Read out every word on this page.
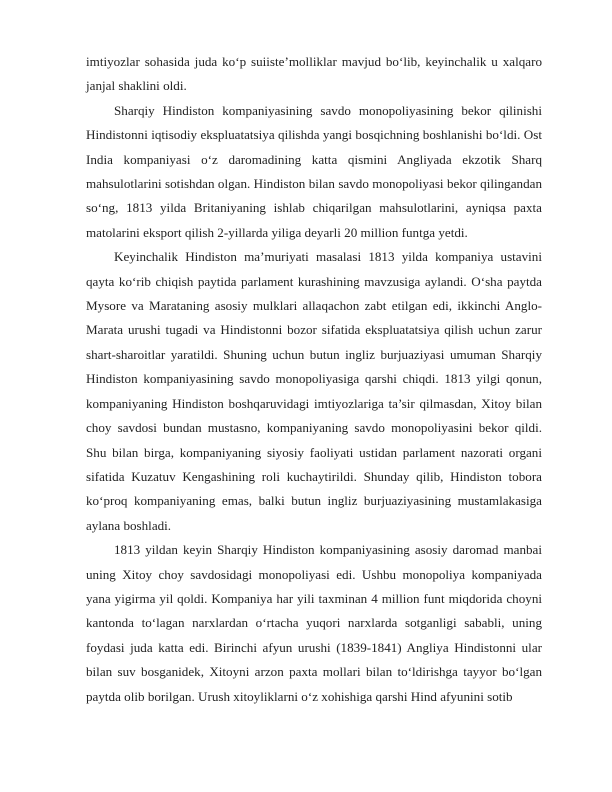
imtiyozlar sohasida juda ko‘p suiiste’molliklar mavjud bo‘lib, keyinchalik u xalqaro janjal shaklini oldi.

Sharqiy Hindiston kompaniyasining savdo monopoliyasining bekor qilinishi Hindistonni iqtisodiy ekspluatatsiya qilishda yangi bosqichning boshlanishi bo‘ldi. Ost India kompaniyasi o‘z daromadining katta qismini Angliyada ekzotik Sharq mahsulotlarini sotishdan olgan. Hindiston bilan savdo monopoliyasi bekor qilingandan so‘ng, 1813 yilda Britaniyaning ishlab chiqarilgan mahsulotlarini, ayniqsa paxta matolarini eksport qilish 2-yillarda yiliga deyarli 20 million funtga yetdi.

Keyinchalik Hindiston ma’muriyati masalasi 1813 yilda kompaniya ustavini qayta ko‘rib chiqish paytida parlament kurashining mavzusiga aylandi. O‘sha paytda Mysore va Marataning asosiy mulklari allaqachon zabt etilgan edi, ikkinchi Anglo-Marata urushi tugadi va Hindistonni bozor sifatida ekspluatatsiya qilish uchun zarur shart-sharoitlar yaratildi. Shuning uchun butun ingliz burjuaziyasi umuman Sharqiy Hindiston kompaniyasining savdo monopoliyasiga qarshi chiqdi. 1813 yilgi qonun, kompaniyaning Hindiston boshqaruvidagi imtiyozlariga ta’sir qilmasdan, Xitoy bilan choy savdosi bundan mustasno, kompaniyaning savdo monopoliyasini bekor qildi. Shu bilan birga, kompaniyaning siyosiy faoliyati ustidan parlament nazorati organi sifatida Kuzatuv Kengashining roli kuchaytirildi. Shunday qilib, Hindiston tobora ko‘proq kompaniyaning emas, balki butun ingliz burjuaziyasining mustamlakasiga aylana boshladi.

1813 yildan keyin Sharqiy Hindiston kompaniyasining asosiy daromad manbai uning Xitoy choy savdosidagi monopoliyasi edi. Ushbu monopoliya kompaniyada yana yigirma yil qoldi. Kompaniya har yili taxminan 4 million funt miqdorida choyni kantonda to‘lagan narxlardan o‘rtacha yuqori narxlarda sotganligi sababli, uning foydasi juda katta edi. Birinchi afyun urushi (1839-1841) Angliya Hindistonni ular bilan suv bosganidek, Xitoyni arzon paxta mollari bilan to‘ldirishga tayyor bo‘lgan paytda olib borilgan. Urush xitoyliklarni o‘z xohishiga qarshi Hind afyunini sotib
